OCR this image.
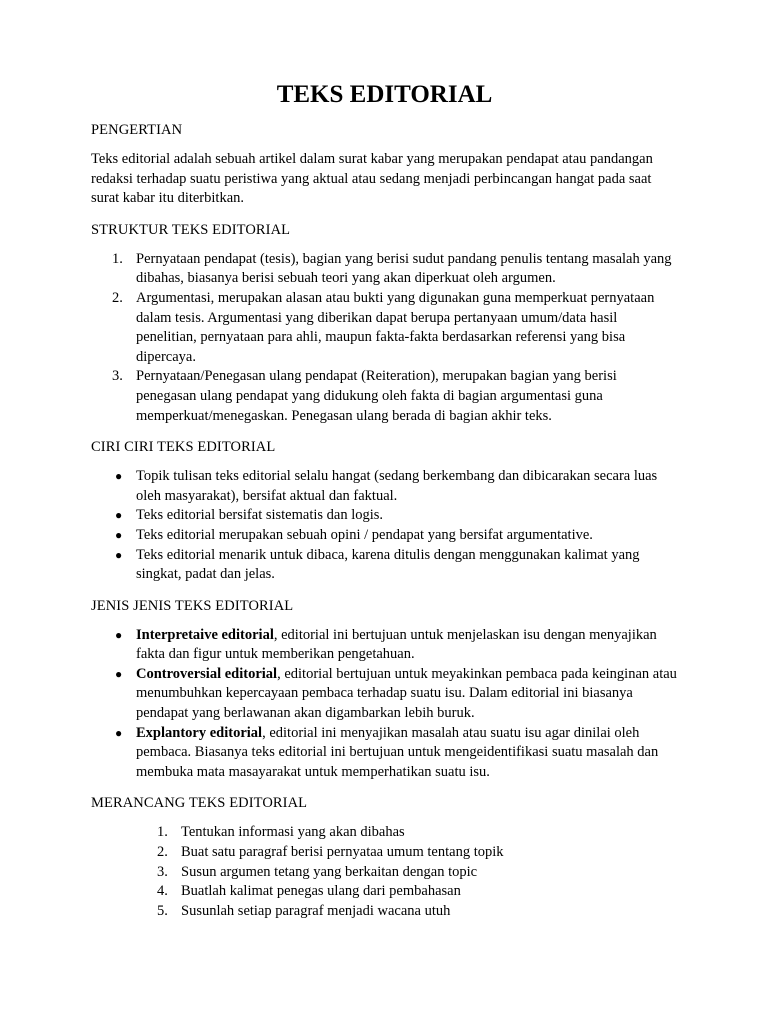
TEKS EDITORIAL
PENGERTIAN

Teks editorial adalah sebuah artikel dalam surat kabar yang merupakan pendapat atau pandangan redaksi terhadap suatu peristiwa yang aktual atau sedang menjadi perbincangan hangat pada saat surat kabar itu diterbitkan.

STRUKTUR TEKS EDITORIAL
1. Pernyataan pendapat (tesis), bagian yang berisi sudut pandang penulis tentang masalah yang dibahas, biasanya berisi sebuah teori yang akan diperkuat oleh argumen.
2. Argumentasi, merupakan alasan atau bukti yang digunakan guna memperkuat pernyataan dalam tesis. Argumentasi yang diberikan dapat berupa pertanyaan umum/data hasil penelitian, pernyataan para ahli, maupun fakta-fakta berdasarkan referensi yang bisa dipercaya.
3. Pernyataan/Penegasan ulang pendapat (Reiteration), merupakan bagian yang berisi penegasan ulang pendapat yang didukung oleh fakta di bagian argumentasi guna memperkuat/menegaskan. Penegasan ulang berada di bagian akhir teks.
CIRI CIRI TEKS EDITORIAL
● Topik tulisan teks editorial selalu hangat (sedang berkembang dan dibicarakan secara luas oleh masyarakat), bersifat aktual dan faktual.
● Teks editorial bersifat sistematis dan logis.
● Teks editorial merupakan sebuah opini / pendapat yang bersifat argumentative.
● Teks editorial menarik untuk dibaca, karena ditulis dengan menggunakan kalimat yang singkat, padat dan jelas.
JENIS JENIS TEKS EDITORIAL
● Interpretaive editorial, editorial ini bertujuan untuk menjelaskan isu dengan menyajikan fakta dan figur untuk memberikan pengetahuan.
● Controversial editorial, editorial bertujuan untuk meyakinkan pembaca pada keinginan atau menumbuhkan kepercayaan pembaca terhadap suatu isu. Dalam editorial ini biasanya pendapat yang berlawanan akan digambarkan lebih buruk.
● Explantory editorial, editorial ini menyajikan masalah atau suatu isu agar dinilai oleh pembaca. Biasanya teks editorial ini bertujuan untuk mengeidentifikasi suatu masalah dan membuka mata masayarakat untuk memperhatikan suatu isu.
MERANCANG TEKS EDITORIAL
1. Tentukan informasi yang akan dibahas
2. Buat satu paragraf berisi pernyataa umum tentang topik
3. Susun argumen tetang yang berkaitan dengan topic
4. Buatlah kalimat penegas ulang dari pembahasan
5. Susunlah setiap paragraf menjadi wacana utuh
